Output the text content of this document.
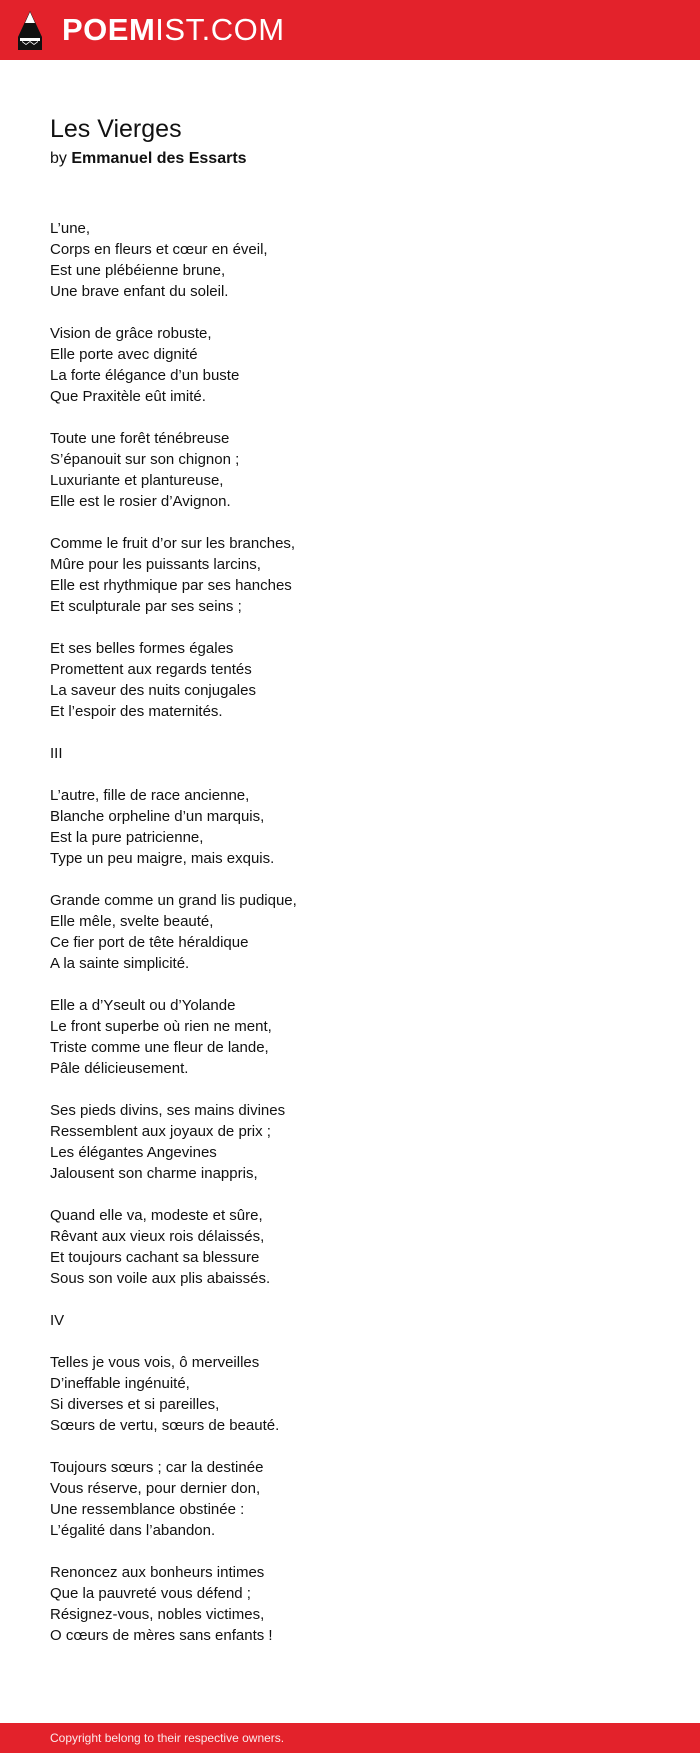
POEMIST.COM
Les Vierges
by Emmanuel des Essarts
L’une,
Corps en fleurs et cœur en éveil,
Est une plébéienne brune,
Une brave enfant du soleil.
Vision de grâce robuste,
Elle porte avec dignité
La forte élégance d’un buste
Que Praxitèle eût imité.
Toute une forêt ténébreuse
S’épanouit sur son chignon ;
Luxuriante et plantureuse,
Elle est le rosier d’Avignon.
Comme le fruit d’or sur les branches,
Mûre pour les puissants larcins,
Elle est rhythmique par ses hanches
Et sculpturale par ses seins ;
Et ses belles formes égales
Promettent aux regards tentés
La saveur des nuits conjugales
Et l’espoir des maternités.
III
L’autre, fille de race ancienne,
Blanche orpheline d’un marquis,
Est la pure patricienne,
Type un peu maigre, mais exquis.
Grande comme un grand lis pudique,
Elle mêle, svelte beauté,
Ce fier port de tête héraldique
A la sainte simplicité.
Elle a d’Yseult ou d’Yolande
Le front superbe où rien ne ment,
Triste comme une fleur de lande,
Pâle délicieusement.
Ses pieds divins, ses mains divines
Ressemblent aux joyaux de prix ;
Les élégantes Angevines
Jalousent son charme inappris,
Quand elle va, modeste et sûre,
Rêvant aux vieux rois délaissés,
Et toujours cachant sa blessure
Sous son voile aux plis abaissés.
IV
Telles je vous vois, ô merveilles
D’ineffable ingénuité,
Si diverses et si pareilles,
Sœurs de vertu, sœurs de beauté.
Toujours sœurs ; car la destinée
Vous réserve, pour dernier don,
Une ressemblance obstinée :
L’égalité dans l’abandon.
Renoncez aux bonheurs intimes
Que la pauvreté vous défend ;
Résignez-vous, nobles victimes,
O cœurs de mères sans enfants !
Copyright belong to their respective owners.
